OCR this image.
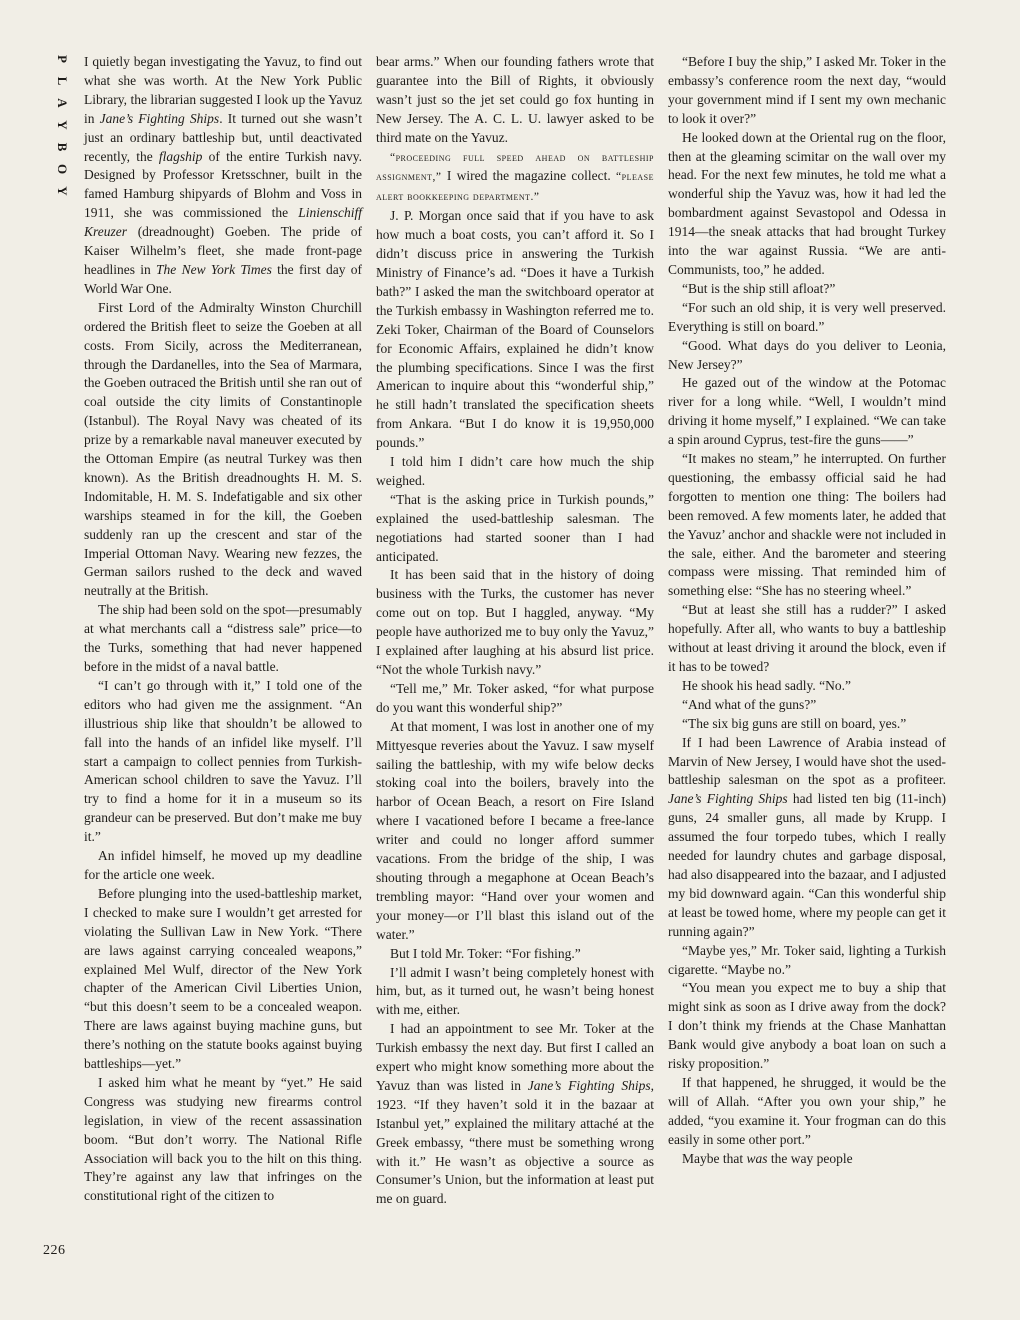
P
L
A
Y
B
O
Y
226

I quietly began investigating the Yavuz, to find out what she was worth. At the New York Public Library, the librarian suggested I look up the Yavuz in Jane’s Fighting Ships. It turned out she wasn’t just an ordinary battleship but, until deactivated recently, the flagship of the entire Turkish navy. Designed by Professor Kretsschner, built in the famed Hamburg shipyards of Blohm and Voss in 1911, she was commissioned the Linienschiff Kreuzer (dreadnought) Goeben. The pride of Kaiser Wilhelm’s fleet, she made front-page headlines in The New York Times the first day of World War One.

First Lord of the Admiralty Winston Churchill ordered the British fleet to seize the Goeben at all costs. From Sicily, across the Mediterranean, through the Dardanelles, into the Sea of Marmara, the Goeben outraced the British until she ran out of coal outside the city limits of Constantinople (Istanbul). The Royal Navy was cheated of its prize by a remarkable naval maneuver executed by the Ottoman Empire (as neutral Turkey was then known). As the British dreadnoughts H. M. S. Indomitable, H. M. S. Indefatigable and six other warships steamed in for the kill, the Goeben suddenly ran up the crescent and star of the Imperial Ottoman Navy. Wearing new fezzes, the German sailors rushed to the deck and waved neutrally at the British.

The ship had been sold on the spot—presumably at what merchants call a “distress sale” price—to the Turks, something that had never happened before in the midst of a naval battle.

“I can’t go through with it,” I told one of the editors who had given me the assignment. “An illustrious ship like that shouldn’t be allowed to fall into the hands of an infidel like myself. I’ll start a campaign to collect pennies from Turkish-American school children to save the Yavuz. I’ll try to find a home for it in a museum so its grandeur can be preserved. But don’t make me buy it.”

An infidel himself, he moved up my deadline for the article one week.

Before plunging into the used-battleship market, I checked to make sure I wouldn’t get arrested for violating the Sullivan Law in New York. “There are laws against carrying concealed weapons,” explained Mel Wulf, director of the New York chapter of the American Civil Liberties Union, “but this doesn’t seem to be a concealed weapon. There are laws against buying machine guns, but there’s nothing on the statute books against buying battleships—yet.”

I asked him what he meant by “yet.” He said Congress was studying new firearms control legislation, in view of the recent assassination boom. “But don’t worry. The National Rifle Association will back you to the hilt on this thing. They’re against any law that infringes on the constitutional right of the citizen to

bear arms.” When our founding fathers wrote that guarantee into the Bill of Rights, it obviously wasn’t just so the jet set could go fox hunting in New Jersey. The A. C. L. U. lawyer asked to be third mate on the Yavuz.

“proceeding full speed ahead on battleship assignment,” I wired the magazine collect. “please alert bookkeeping department.”

J. P. Morgan once said that if you have to ask how much a boat costs, you can’t afford it. So I didn’t discuss price in answering the Turkish Ministry of Finance’s ad. “Does it have a Turkish bath?” I asked the man the switchboard operator at the Turkish embassy in Washington referred me to. Zeki Toker, Chairman of the Board of Counselors for Economic Affairs, explained he didn’t know the plumbing specifications. Since I was the first American to inquire about this “wonderful ship,” he still hadn’t translated the specification sheets from Ankara. “But I do know it is 19,950,000 pounds.”

I told him I didn’t care how much the ship weighed.

“That is the asking price in Turkish pounds,” explained the used-battleship salesman. The negotiations had started sooner than I had anticipated.

It has been said that in the history of doing business with the Turks, the customer has never come out on top. But I haggled, anyway. “My people have authorized me to buy only the Yavuz,” I explained after laughing at his absurd list price. “Not the whole Turkish navy.”

“Tell me,” Mr. Toker asked, “for what purpose do you want this wonderful ship?”

At that moment, I was lost in another one of my Mittyesque reveries about the Yavuz. I saw myself sailing the battleship, with my wife below decks stoking coal into the boilers, bravely into the harbor of Ocean Beach, a resort on Fire Island where I vacationed before I became a free-lance writer and could no longer afford summer vacations. From the bridge of the ship, I was shouting through a megaphone at Ocean Beach’s trembling mayor: “Hand over your women and your money—or I’ll blast this island out of the water.”

But I told Mr. Toker: “For fishing.”

I’ll admit I wasn’t being completely honest with him, but, as it turned out, he wasn’t being honest with me, either.

I had an appointment to see Mr. Toker at the Turkish embassy the next day. But first I called an expert who might know something more about the Yavuz than was listed in Jane’s Fighting Ships, 1923. “If they haven’t sold it in the bazaar at Istanbul yet,” explained the military attaché at the Greek embassy, “there must be something wrong with it.” He wasn’t as objective a source as Consumer’s Union, but the information at least put me on guard.

“Before I buy the ship,” I asked Mr. Toker in the embassy’s conference room the next day, “would your government mind if I sent my own mechanic to look it over?”

He looked down at the Oriental rug on the floor, then at the gleaming scimitar on the wall over my head. For the next few minutes, he told me what a wonderful ship the Yavuz was, how it had led the bombardment against Sevastopol and Odessa in 1914—the sneak attacks that had brought Turkey into the war against Russia. “We are anti-Communists, too,” he added.

“But is the ship still afloat?”

“For such an old ship, it is very well preserved. Everything is still on board.”

“Good. What days do you deliver to Leonia, New Jersey?”

He gazed out of the window at the Potomac river for a long while. “Well, I wouldn’t mind driving it home myself,” I explained. “We can take a spin around Cyprus, test-fire the guns——”

“It makes no steam,” he interrupted. On further questioning, the embassy official said he had forgotten to mention one thing: The boilers had been removed. A few moments later, he added that the Yavuz’ anchor and shackle were not included in the sale, either. And the barometer and steering compass were missing. That reminded him of something else: “She has no steering wheel.”

“But at least she still has a rudder?” I asked hopefully. After all, who wants to buy a battleship without at least driving it around the block, even if it has to be towed?

He shook his head sadly. “No.”

“And what of the guns?”

“The six big guns are still on board, yes.”

If I had been Lawrence of Arabia instead of Marvin of New Jersey, I would have shot the used-battleship salesman on the spot as a profiteer. Jane’s Fighting Ships had listed ten big (11-inch) guns, 24 smaller guns, all made by Krupp. I assumed the four torpedo tubes, which I really needed for laundry chutes and garbage disposal, had also disappeared into the bazaar, and I adjusted my bid downward again. “Can this wonderful ship at least be towed home, where my people can get it running again?”

“Maybe yes,” Mr. Toker said, lighting a Turkish cigarette. “Maybe no.”

“You mean you expect me to buy a ship that might sink as soon as I drive away from the dock? I don’t think my friends at the Chase Manhattan Bank would give anybody a boat loan on such a risky proposition.”

If that happened, he shrugged, it would be the will of Allah. “After you own your ship,” he added, “you examine it. Your frogman can do this easily in some other port.”

Maybe that was the way people
